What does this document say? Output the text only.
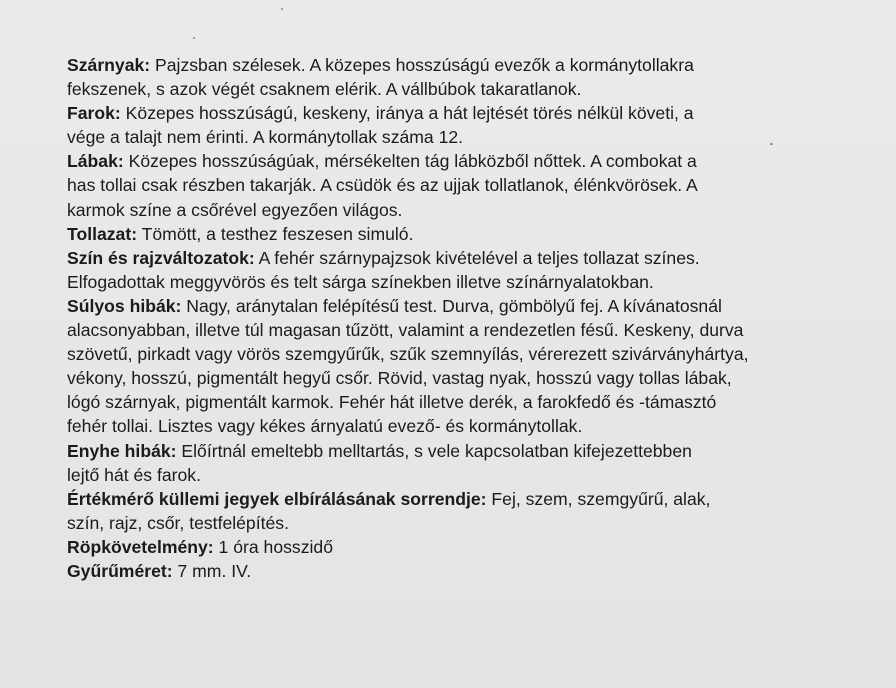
Szárnyak: Pajzsban szélesek. A közepes hosszúságú evezők a kormánytollakra
fekszenek, s azok végét csaknem elérik. A vállbúbok takaratlanok.

Farok: Közepes hosszúságú, keskeny, iránya a hát lejtését törés nélkül követi, a
vége a talajt nem érinti. A kormánytollak száma 12.

Lábak: Közepes hosszúságúak, mérsékelten tág lábközből nőttek. A combokat a
has tollai csak részben takarják. A csüdök és az ujjak tollatlanok, élénkvörösek. A
karmok színe a csőrével egyezően világos.

Tollazat: Tömött, a testhez feszesen simuló.

Szín és rajzváltozatok: A fehér szárnypajzsok kivételével a teljes tollazat színes.
Elfogadottak meggyvörös és telt sárga színekben illetve színárnyalatokban.

Súlyos hibák: Nagy, aránytalan felépítésű test. Durva, gömbölyű fej. A kívánatosnál
alacsonyabban, illetve túl magasan tűzött, valamint a rendezetlen fésű. Keskeny, durva
szövetű, pirkadt vagy vörös szemgyűrűk, szűk szemnyílás, vérerezett szivárványhártya,
vékony, hosszú, pigmentált hegyű csőr. Rövid, vastag nyak, hosszú vagy tollas lábak,
lógó szárnyak, pigmentált karmok. Fehér hát illetve derék, a farokfedő és -támasztó
fehér tollai. Lisztes vagy kékes árnyalatú evező- és kormánytollak.

Enyhe hibák: Előírtnál emeltebb melltartás, s vele kapcsolatban kifejezettebben
lejtő hát és farok.

Értékmérő küllemi jegyek elbírálásának sorrendje: Fej, szem, szemgyűrű, alak,
szín, rajz, csőr, testfelépítés.

Röpkövetelmény: 1 óra hosszidő

Gyűrűméret: 7 mm. IV.
